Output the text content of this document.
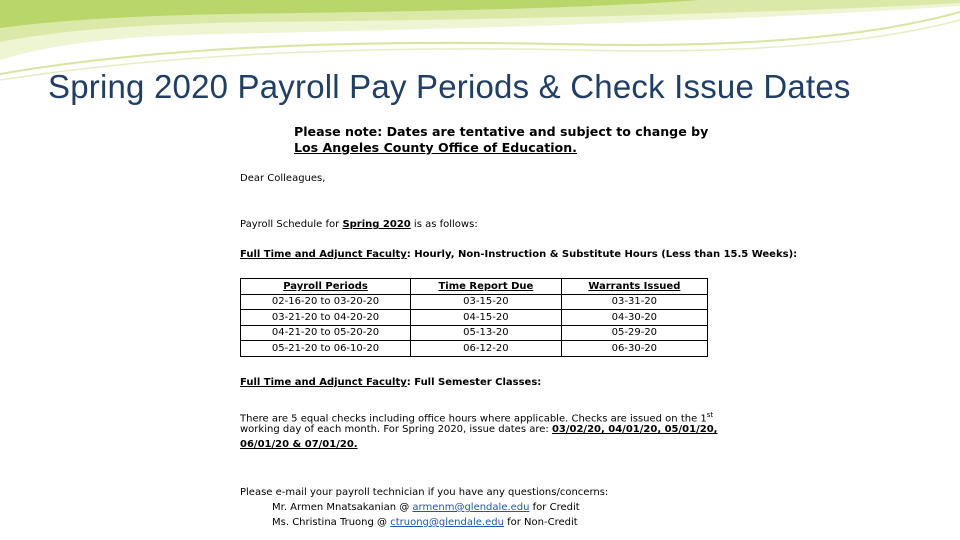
Spring 2020 Payroll Pay Periods & Check Issue Dates
Please note: Dates are tentative and subject to change by
Los Angeles County Office of Education.
Dear Colleagues,
Payroll Schedule for Spring 2020 is as follows:
Full Time and Adjunct Faculty: Hourly, Non-Instruction & Substitute Hours (Less than 15.5 Weeks):
Payroll Periods	Time Report Due	Warrants Issued
02-16-20 to 03-20-20	03-15-20	03-31-20
03-21-20 to 04-20-20	04-15-20	04-30-20
04-21-20 to 05-20-20	05-13-20	05-29-20
05-21-20 to 06-10-20	06-12-20	06-30-20
Full Time and Adjunct Faculty: Full Semester Classes:
There are 5 equal checks including office hours where applicable. Checks are issued on the 1st
working day of each month. For Spring 2020, issue dates are: 03/02/20, 04/01/20, 05/01/20,
06/01/20 & 07/01/20.
Please e-mail your payroll technician if you have any questions/concerns:
Mr. Armen Mnatsakanian @ armenm@glendale.edu for Credit
Ms. Christina Truong @ ctruong@glendale.edu for Non-Credit
